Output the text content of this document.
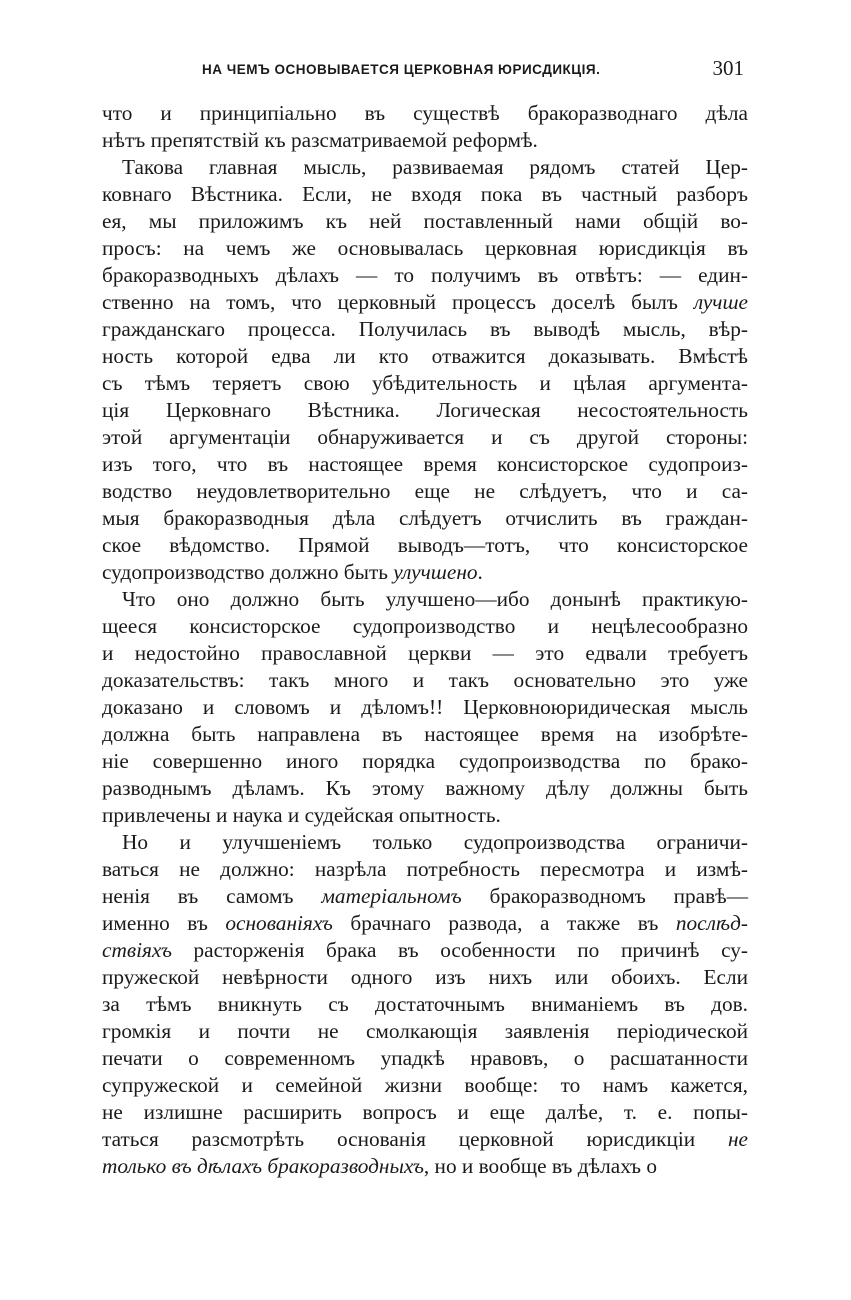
НА ЧЕМЪ ОСНОВЫВАЕТСЯ ЦЕРКОВНАЯ ЮРИСДИКЦІЯ.	301
что и принципіально въ существѣ бракоразводнаго дѣла
нѣтъ препятствій къ разсматриваемой реформѣ.
Такова главная мысль, развиваемая рядомъ статей Цер-
ковнаго Вѣстника. Если, не входя пока въ частный разборъ
ея, мы приложимъ къ ней поставленный нами общій во-
просъ: на чемъ же основывалась церковная юрисдикція въ
бракоразводныхъ дѣлахъ — то получимъ въ отвѣтъ: — един-
ственно на томъ, что церковный процессъ доселѣ былъ лучше
гражданскаго процесса. Получилась въ выводѣ мысль, вѣр-
ность которой едва ли кто отважится доказывать. Вмѣстѣ
съ тѣмъ теряетъ свою убѣдительность и цѣлая аргумента-
ція Церковнаго Вѣстника. Логическая несостоятельность
этой аргументаціи обнаруживается и съ другой стороны:
изъ того, что въ настоящее время консисторское судопроиз-
водство неудовлетворительно еще не слѣдуетъ, что и са-
мыя бракоразводныя дѣла слѣдуетъ отчислить въ граждан-
ское вѣдомство. Прямой выводъ—тотъ, что консисторское
судопроизводство должно быть улучшено.
Что оно должно быть улучшено—ибо донынѣ практикую-
щееся консисторское судопроизводство и нецѣлесообразно
и недостойно православной церкви — это едвали требуетъ
доказательствъ: такъ много и такъ основательно это уже
доказано и словомъ и дѣломъ!! Церковноюридическая мысль
должна быть направлена въ настоящее время на изобрѣте-
ніе совершенно иного порядка судопроизводства по брако-
разводнымъ дѣламъ. Къ этому важному дѣлу должны быть
привлечены и наука и судейская опытность.
Но и улучшеніемъ только судопроизводства ограничи-
ваться не должно: назрѣла потребность пересмотра и измѣ-
ненія въ самомъ матеріальномъ бракоразводномъ правѣ—
именно въ основаніяхъ брачнаго развода, а также въ послѣд-
ствіяхъ расторженія брака въ особенности по причинѣ су-
пружеской невѣрности одного изъ нихъ или обоихъ. Если
за тѣмъ вникнуть съ достаточнымъ вниманіемъ въ дов.
громкія и почти не смолкающія заявленія періодической
печати о современномъ упадкѣ нравовъ, о расшатанности
супружеской и семейной жизни вообще: то намъ кажется,
не излишне расширить вопросъ и еще далѣе, т. е. попы-
таться разсмотрѣть основанія церковной юрисдикціи не
только въ дѣлахъ бракоразводныхъ, но и вообще въ дѣлахъ о
